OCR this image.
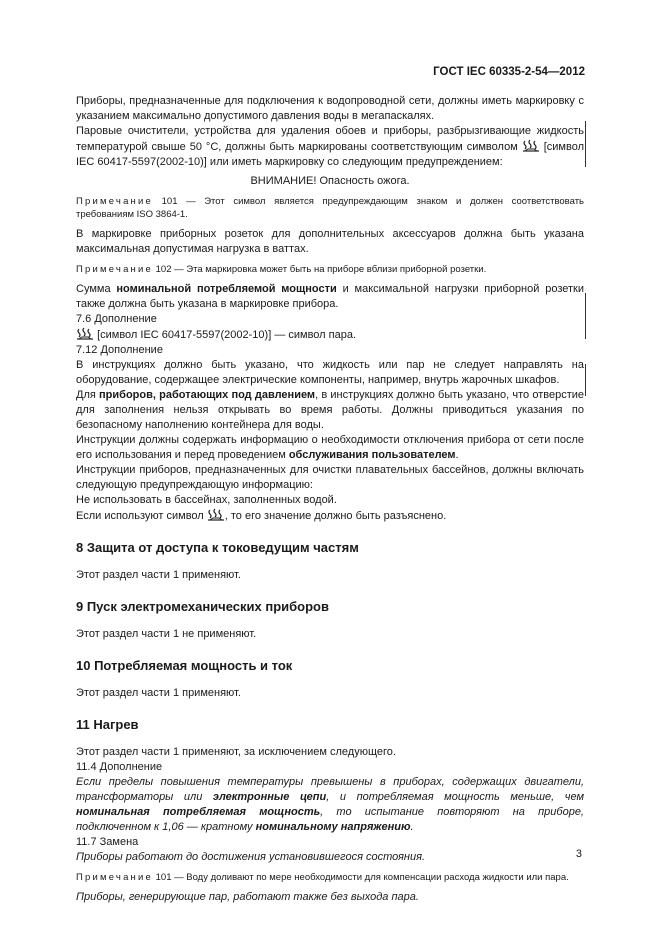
ГОСТ IEC 60335-2-54—2012

Приборы, предназначенные для подключения к водопроводной сети, должны иметь маркировку с указанием максимально допустимого давления воды в мегапаскалях.

Паровые очистители, устройства для удаления обоев и приборы, разбрызгивающие жидкость температурой свыше 50 °С, должны быть маркированы соответствующим символом [символ IEC 60417-5597(2002-10)] или иметь маркировку со следующим предупреждением:

ВНИМАНИЕ! Опасность ожога.

Примечание 101 — Этот символ является предупреждающим знаком и должен соответствовать требованиям ISO 3864-1.

В маркировке приборных розеток для дополнительных аксессуаров должна быть указана максимальная допустимая нагрузка в ваттах.

Примечание 102 — Эта маркировка может быть на приборе вблизи приборной розетки.

Сумма номинальной потребляемой мощности и максимальной нагрузки приборной розетки также должна быть указана в маркировке прибора.

7.6 Дополнение

[символ IEC 60417-5597(2002-10)] — символ пара.

7.12 Дополнение

В инструкциях должно быть указано, что жидкость или пар не следует направлять на оборудование, содержащее электрические компоненты, например, внутрь жарочных шкафов.

Для приборов, работающих под давлением, в инструкциях должно быть указано, что отверстие для заполнения нельзя открывать во время работы. Должны приводиться указания по безопасному наполнению контейнера для воды.

Инструкции должны содержать информацию о необходимости отключения прибора от сети после его использования и перед проведением обслуживания пользователем.

Инструкции приборов, предназначенных для очистки плавательных бассейнов, должны включать следующую предупреждающую информацию:

Не использовать в бассейнах, заполненных водой.

Если используют символ , то его значение должно быть разъяснено.

8 Защита от доступа к токоведущим частям

Этот раздел части 1 применяют.

9 Пуск электромеханических приборов

Этот раздел части 1 не применяют.

10 Потребляемая мощность и ток

Этот раздел части 1 применяют.

11 Нагрев

Этот раздел части 1 применяют, за исключением следующего.

11.4 Дополнение

Если пределы повышения температуры превышены в приборах, содержащих двигатели, трансформаторы или электронные цепи, и потребляемая мощность меньше, чем номинальная потребляемая мощность, то испытание повторяют на приборе, подключенном к 1,06 — кратному номинальному напряжению.

11.7 Замена

Приборы работают до достижения установившегося состояния.

Примечание 101 — Воду доливают по мере необходимости для компенсации расхода жидкости или пара.

Приборы, генерирующие пар, работают также без выхода пара.

3
